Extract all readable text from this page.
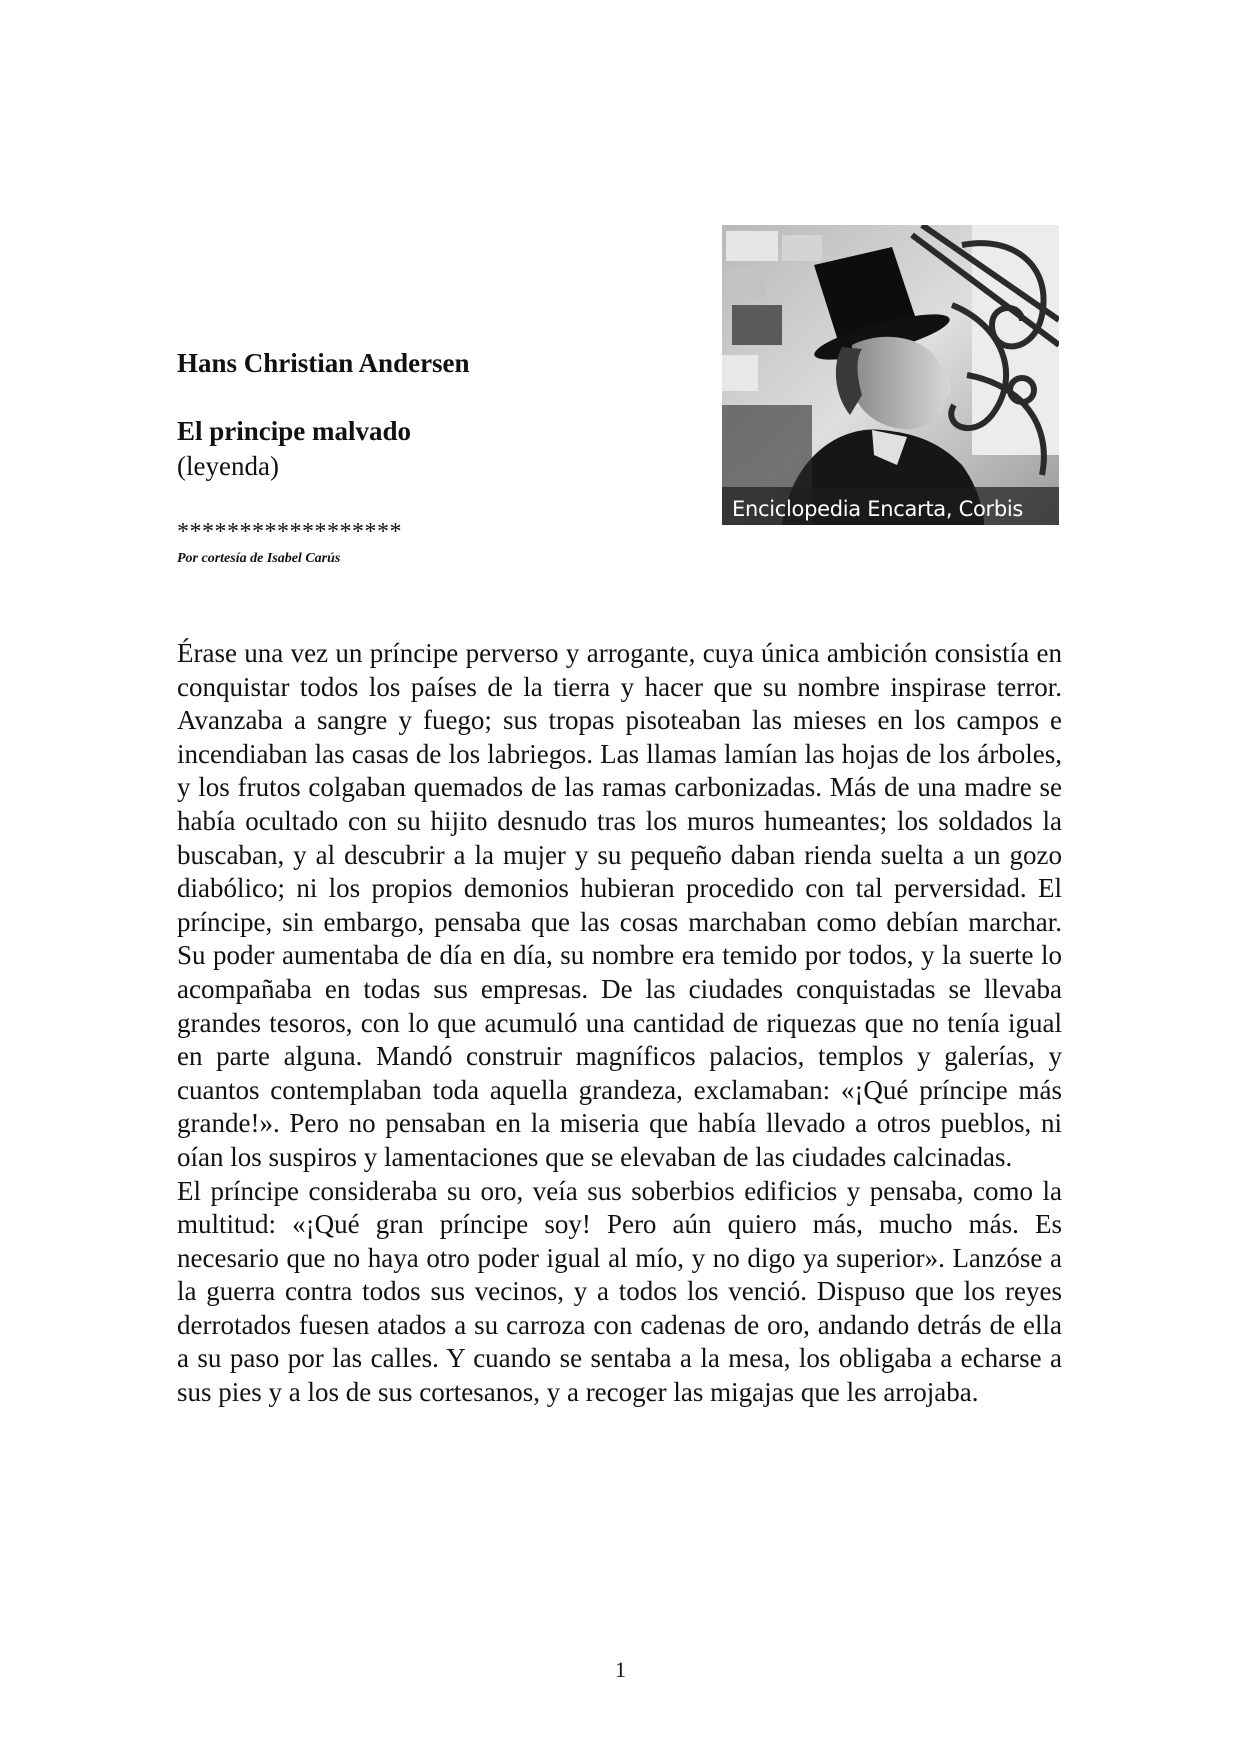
Hans Christian Andersen
El principe malvado
(leyenda)
******************
Por cortesía de Isabel Carús
Enciclopedia Encarta, Corbis

Érase una vez un príncipe perverso y arrogante, cuya única ambición consistía en conquistar todos los países de la tierra y hacer que su nombre inspirase terror. Avanzaba a sangre y fuego; sus tropas pisoteaban las mieses en los campos e incendiaban las casas de los labriegos. Las llamas lamían las hojas de los árboles, y los frutos colgaban quemados de las ramas carbonizadas. Más de una madre se había ocultado con su hijito desnudo tras los muros humeantes; los soldados la buscaban, y al descubrir a la mujer y su pequeño daban rienda suelta a un gozo diabólico; ni los propios demonios hubieran procedido con tal perversidad. El príncipe, sin embargo, pensaba que las cosas marchaban como debían marchar. Su poder aumentaba de día en día, su nombre era temido por todos, y la suerte lo acompañaba en todas sus empresas. De las ciudades conquistadas se llevaba grandes tesoros, con lo que acumuló una cantidad de riquezas que no tenía igual en parte alguna. Mandó construir magníficos palacios, templos y galerías, y cuantos contemplaban toda aquella grandeza, exclamaban: «¡Qué príncipe más grande!». Pero no pensaban en la miseria que había llevado a otros pueblos, ni oían los suspiros y lamentaciones que se elevaban de las ciudades calcinadas.

El príncipe consideraba su oro, veía sus soberbios edificios y pensaba, como la multitud: «¡Qué gran príncipe soy! Pero aún quiero más, mucho más. Es necesario que no haya otro poder igual al mío, y no digo ya superior». Lanzóse a la guerra contra todos sus vecinos, y a todos los venció. Dispuso que los reyes derrotados fuesen atados a su carroza con cadenas de oro, andando detrás de ella a su paso por las calles. Y cuando se sentaba a la mesa, los obligaba a echarse a sus pies y a los de sus cortesanos, y a recoger las migajas que les arrojaba.

1
